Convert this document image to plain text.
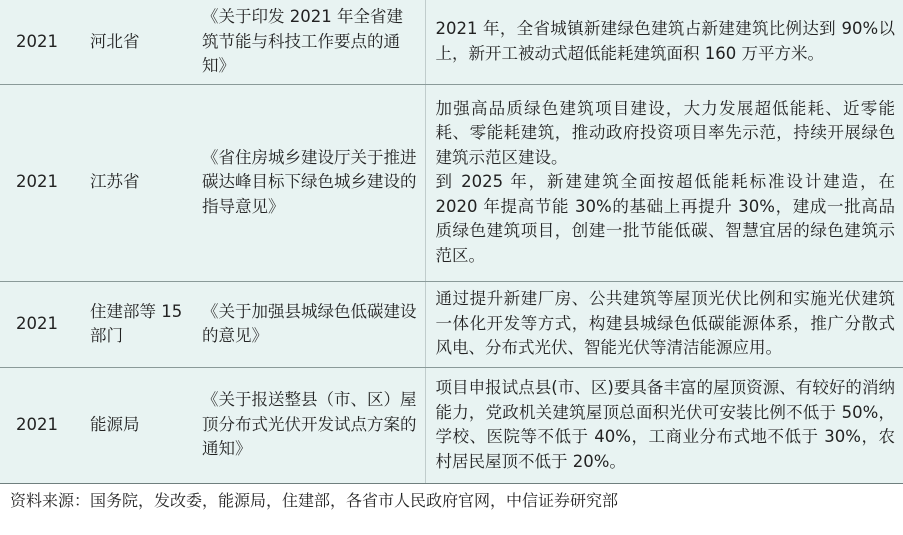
2021	河北省	《关于印发 2021 年全省建筑节能与科技工作要点的通知》	2021 年，全省城镇新建绿色建筑占新建建筑比例达到 90%以上，新开工被动式超低能耗建筑面积 160 万平方米。

2021	江苏省	《省住房城乡建设厅关于推进碳达峰目标下绿色城乡建设的指导意见》	加强高品质绿色建筑项目建设，大力发展超低能耗、近零能耗、零能耗建筑，推动政府投资项目率先示范，持续开展绿色建筑示范区建设。
到 2025 年，新建建筑全面按超低能耗标准设计建造，在 2020 年提高节能 30%的基础上再提升 30%，建成一批高品质绿色建筑项目，创建一批节能低碳、智慧宜居的绿色建筑示范区。

2021	住建部等 15 部门	《关于加强县城绿色低碳建设的意见》	通过提升新建厂房、公共建筑等屋顶光伏比例和实施光伏建筑一体化开发等方式，构建县城绿色低碳能源体系，推广分散式风电、分布式光伏、智能光伏等清洁能源应用。

2021	能源局	《关于报送整县（市、区）屋顶分布式光伏开发试点方案的通知》	项目申报试点县(市、区)要具备丰富的屋顶资源、有较好的消纳能力，党政机关建筑屋顶总面积光伏可安装比例不低于 50%，学校、医院等不低于 40%，工商业分布式地不低于 30%，农村居民屋顶不低于 20%。
资料来源：国务院，发改委，能源局，住建部，各省市人民政府官网，中信证券研究部
